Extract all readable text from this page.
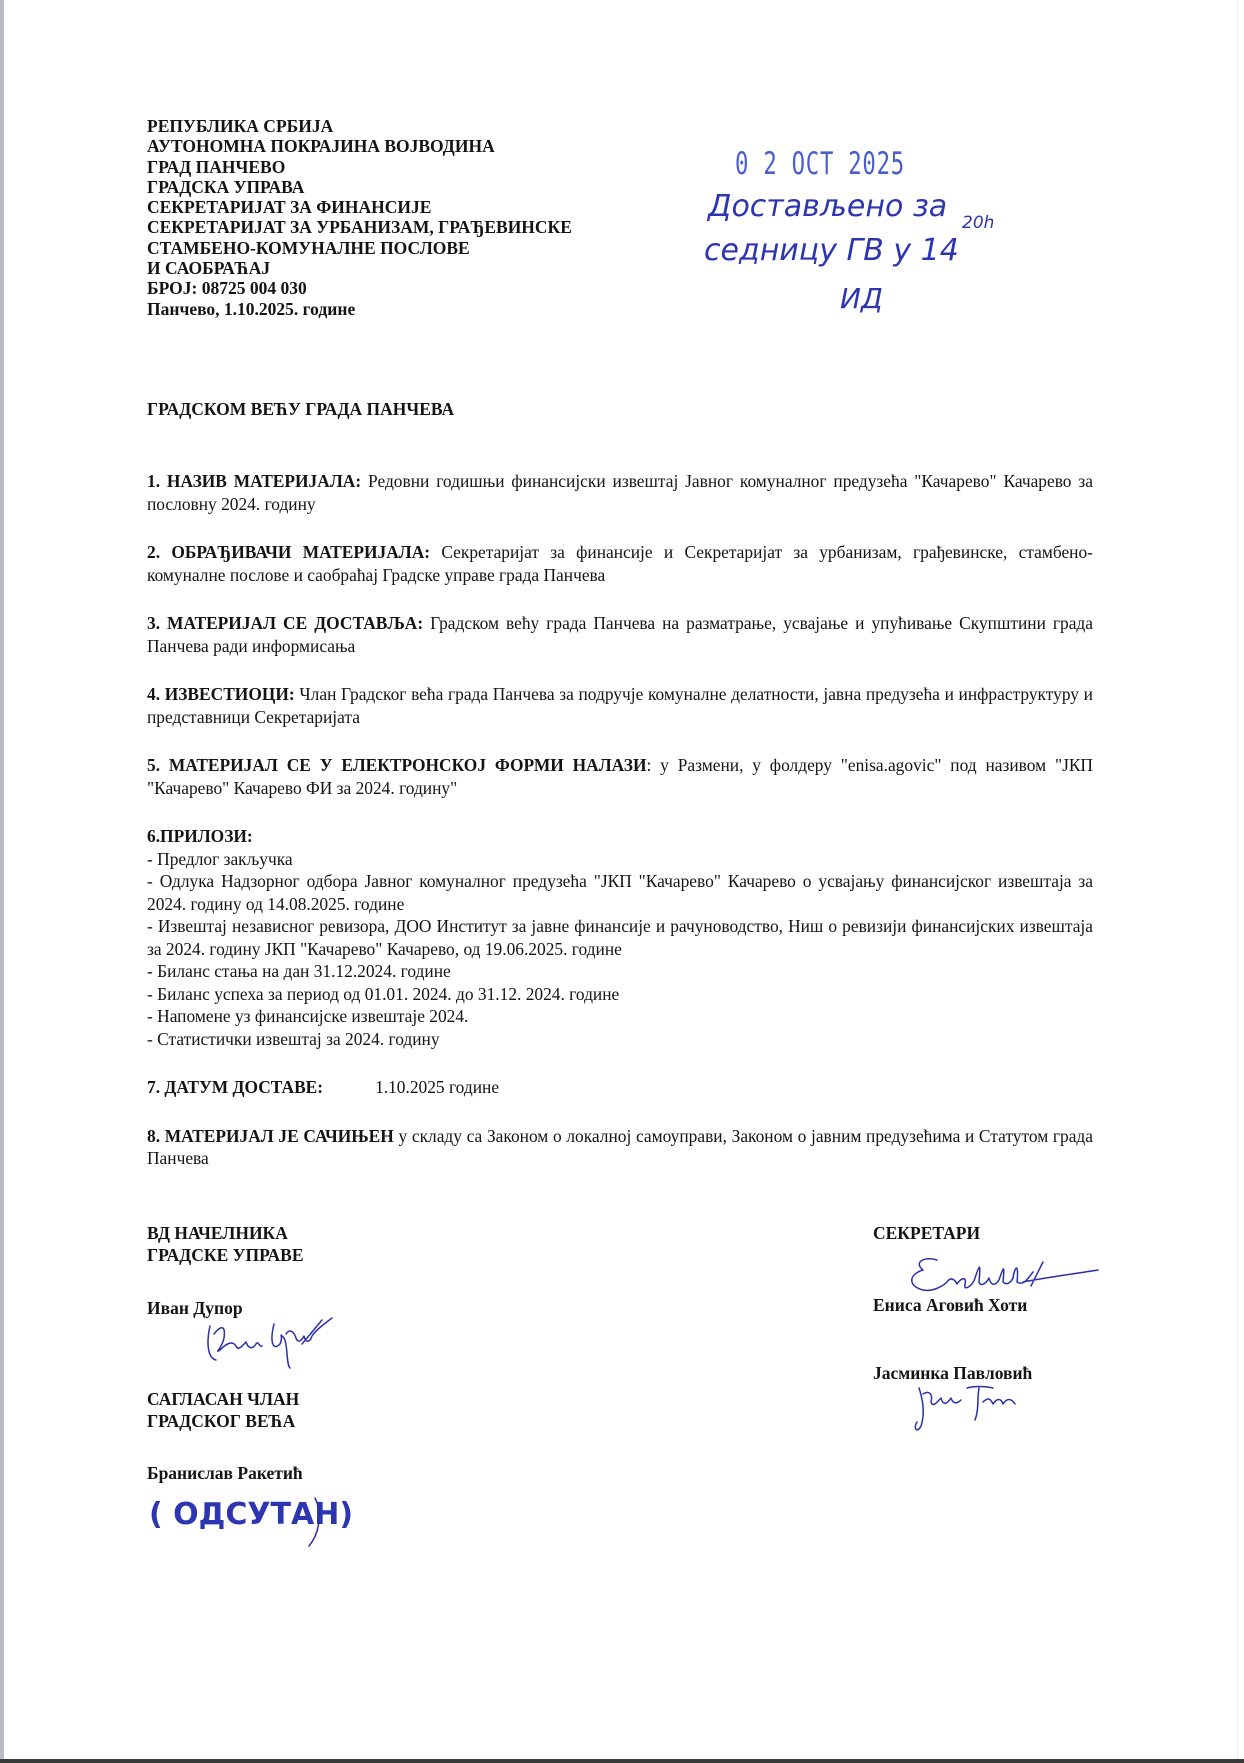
РЕПУБЛИКА СРБИЈА
АУТОНОМНА ПОКРАЈИНА ВОЈВОДИНА
ГРАД ПАНЧЕВО
ГРАДСКА УПРАВА
СЕКРЕТАРИЈАТ ЗА ФИНАНСИЈЕ
СЕКРЕТАРИЈАТ ЗА УРБАНИЗАМ, ГРАЂЕВИНСКЕ
СТАМБЕНО-КОМУНАЛНЕ ПОСЛОВЕ
И САОБРАЋАЈ
БРОЈ: 08725 004 030
Панчево, 1.10.2025. године
0 2 OCT 2025
Достављено за
седницу ГВ у 14
20h
ИД
ГРАДСКОМ ВЕЋУ ГРАДА ПАНЧЕВА

1. НАЗИВ МАТЕРИЈАЛА: Редовни годишњи финансијски извештај Јавног комуналног предузећа "Качарево" Качарево за пословну 2024. годину

2. ОБРАЂИВАЧИ МАТЕРИЈАЛА: Секретаријат за финансије и Секретаријат за урбанизам, грађевинске, стамбено-комуналне послове и саобраћај Градске управе града Панчева

3. МАТЕРИЈАЛ СЕ ДОСТАВЉА: Градском већу града Панчева на разматрање, усвајање и упућивање Скупштини града Панчева ради информисања

4. ИЗВЕСТИОЦИ: Члан Градског већа града Панчева за подручје комуналне делатности, јавна предузећа и инфраструктуру и представници Секретаријата

5. МАТЕРИЈАЛ СЕ У ЕЛЕКТРОНСКОЈ ФОРМИ НАЛАЗИ: у Размени, у фолдеру "enisa.agovic" под називом "ЈКП "Качарево" Качарево ФИ за 2024. годину"

6.ПРИЛОЗИ:
- Предлог закључка
- Одлука Надзорног одбора Јавног комуналног предузећа "ЈКП "Качарево" Качарево о усвајању финансијског извештаја за 2024. годину од 14.08.2025. године
- Извештај независног ревизора, ДОО Институт за јавне финансије и рачуноводство, Ниш о ревизији финансијских извештаја за 2024. годину ЈКП "Качарево" Качарево, од 19.06.2025. године
- Биланс стања на дан 31.12.2024. године
- Биланс успеха за период од 01.01. 2024. до 31.12. 2024. године
- Напомене уз финансијске извештаје 2024.
- Статистички извештај за 2024. годину

7. ДАТУМ ДОСТАВЕ:	1.10.2025 године

8. МАТЕРИЈАЛ ЈЕ САЧИЊЕН у складу са Законом о локалној самоуправи, Законом о јавним предузећима и Статутом града Панчева

ВД НАЧЕЛНИКА
ГРАДСКЕ УПРАВЕ
Иван Дупор
САГЛАСАН ЧЛАН
ГРАДСКОГ ВЕЋА
Бранислав Ракетић
( ОДСУТАН)
СЕКРЕТАРИ
Ениса Аговић Хоти
Јасминка Павловић
